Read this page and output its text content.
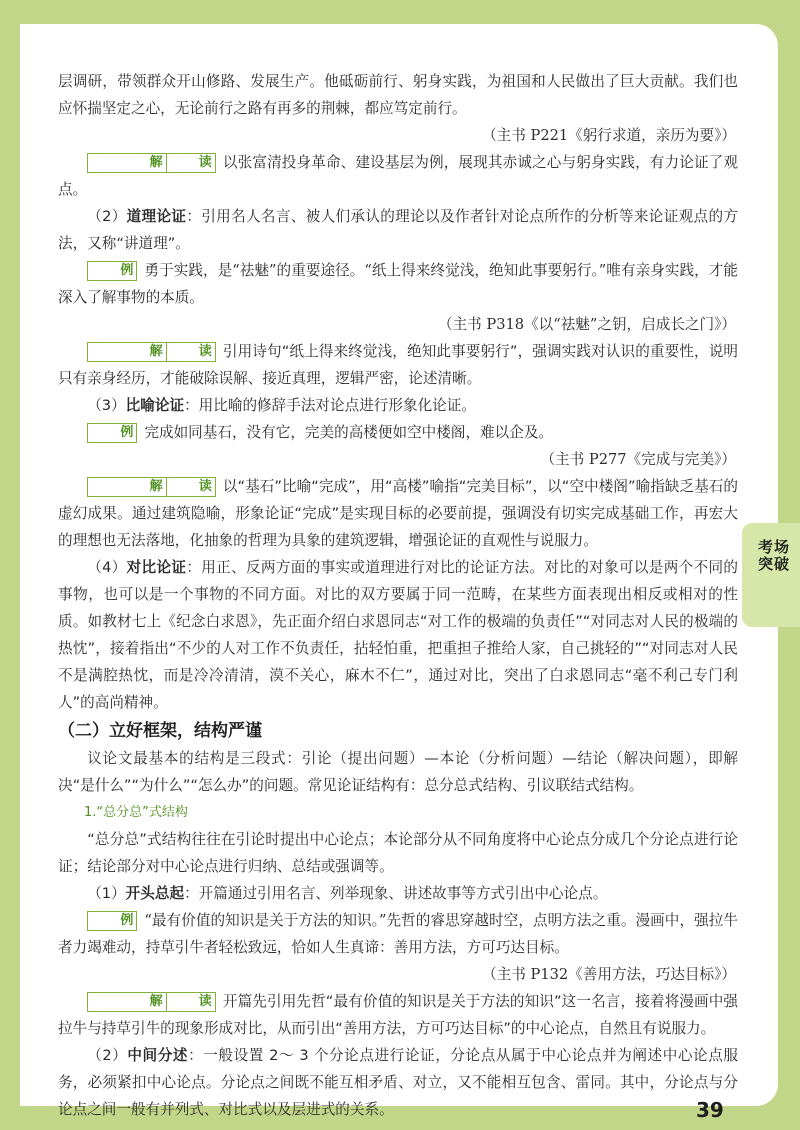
层调研，带领群众开山修路、发展生产。他砥砺前行、躬身实践，为祖国和人民做出了巨大贡献。我们也应怀揣坚定之心，无论前行之路有再多的荆棘，都应笃定前行。

（主书 P221《躬行求道，亲历为要》）

解	读 以张富清投身革命、建设基层为例，展现其赤诚之心与躬身实践，有力论证了观点。

（2）道理论证：引用名人名言、被人们承认的理论以及作者针对论点所作的分析等来论证观点的方法，又称“讲道理”。

例 勇于实践，是“祛魅”的重要途径。“纸上得来终觉浅，绝知此事要躬行。”唯有亲身实践，才能深入了解事物的本质。

（主书 P318《以“祛魅”之钥，启成长之门》）

解	读 引用诗句“纸上得来终觉浅，绝知此事要躬行”，强调实践对认识的重要性，说明只有亲身经历，才能破除误解、接近真理，逻辑严密，论述清晰。

（3）比喻论证：用比喻的修辞手法对论点进行形象化论证。

例 完成如同基石，没有它，完美的高楼便如空中楼阁，难以企及。

（主书 P277《完成与完美》）

解	读 以“基石”比喻“完成”，用“高楼”喻指“完美目标”，以“空中楼阁”喻指缺乏基石的虚幻成果。通过建筑隐喻，形象论证“完成”是实现目标的必要前提，强调没有切实完成基础工作，再宏大的理想也无法落地，化抽象的哲理为具象的建筑逻辑，增强论证的直观性与说服力。

（4）对比论证：用正、反两方面的事实或道理进行对比的论证方法。对比的对象可以是两个不同的事物，也可以是一个事物的不同方面。对比的双方要属于同一范畴，在某些方面表现出相反或相对的性质。如教材七上《纪念白求恩》，先正面介绍白求恩同志“对工作的极端的负责任”“对同志对人民的极端的热忱”，接着指出“不少的人对工作不负责任，拈轻怕重，把重担子推给人家，自己挑轻的”“对同志对人民不是满腔热忱，而是冷冷清清，漠不关心，麻木不仁”，通过对比，突出了白求恩同志“毫不利己专门利人”的高尚精神。

（二）立好框架，结构严谨

议论文最基本的结构是三段式：引论（提出问题）—本论（分析问题）—结论（解决问题），即解决“是什么”“为什么”“怎么办”的问题。常见论证结构有：总分总式结构、引议联结式结构。

1.“总分总”式结构

“总分总”式结构往往在引论时提出中心论点；本论部分从不同角度将中心论点分成几个分论点进行论证；结论部分对中心论点进行归纳、总结或强调等。

（1）开头总起：开篇通过引用名言、列举现象、讲述故事等方式引出中心论点。

例 “最有价值的知识是关于方法的知识。”先哲的睿思穿越时空，点明方法之重。漫画中，强拉牛者力竭难动，持草引牛者轻松致远，恰如人生真谛：善用方法，方可巧达目标。

（主书 P132《善用方法，巧达目标》）

解	读 开篇先引用先哲“最有价值的知识是关于方法的知识”这一名言，接着将漫画中强拉牛与持草引牛的现象形成对比，从而引出“善用方法，方可巧达目标”的中心论点，自然且有说服力。

（2）中间分述：一般设置 2～ 3 个分论点进行论证，分论点从属于中心论点并为阐述中心论点服务，必须紧扣中心论点。分论点之间既不能互相矛盾、对立，又不能相互包含、雷同。其中，分论点与分论点之间一般有并列式、对比式以及层进式的关系。	39
考场突破
